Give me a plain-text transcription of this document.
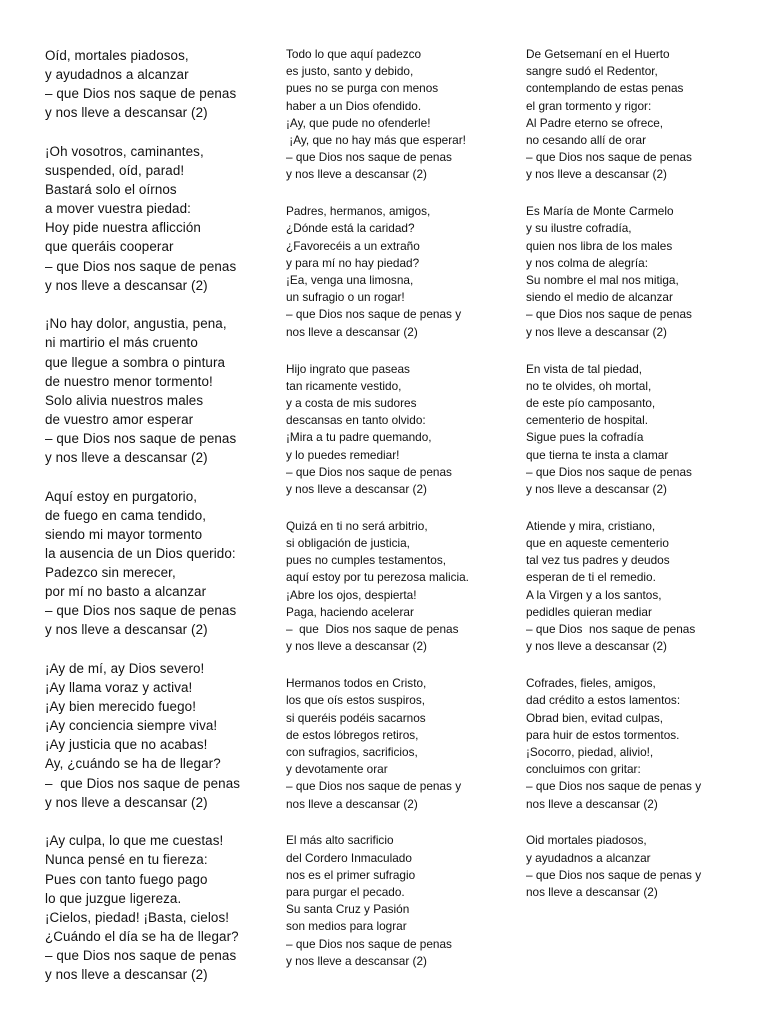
Oíd, mortales piadosos,
y ayudadnos a alcanzar
– que Dios nos saque de penas
y nos lleve a descansar (2)
¡Oh vosotros, caminantes,
suspended, oíd, parad!
Bastará solo el oírnos
a mover vuestra piedad:
Hoy pide nuestra aflicción
que queráis cooperar
– que Dios nos saque de penas
y nos lleve a descansar (2)
¡No hay dolor, angustia, pena,
ni martirio el más cruento
que llegue a sombra o pintura
de nuestro menor tormento!
Solo alivia nuestros males
de vuestro amor esperar
– que Dios nos saque de penas
y nos lleve a descansar (2)
Aquí estoy en purgatorio,
de fuego en cama tendido,
siendo mi mayor tormento
la ausencia de un Dios querido:
Padezco sin merecer,
por mí no basto a alcanzar
– que Dios nos saque de penas
y nos lleve a descansar (2)
¡Ay de mí, ay Dios severo!
¡Ay llama voraz y activa!
¡Ay bien merecido fuego!
¡Ay conciencia siempre viva!
¡Ay justicia que no acabas!
Ay, ¿cuándo se ha de llegar?
–  que Dios nos saque de penas
y nos lleve a descansar (2)
¡Ay culpa, lo que me cuestas!
Nunca pensé en tu fiereza:
Pues con tanto fuego pago
lo que juzgue ligereza.
¡Cielos, piedad! ¡Basta, cielos!
¿Cuándo el día se ha de llegar?
– que Dios nos saque de penas
y nos lleve a descansar (2)
Todo lo que aquí padezco
es justo, santo y debido,
pues no se purga con menos
haber a un Dios ofendido.
¡Ay, que pude no ofenderle!
¡Ay, que no hay más que esperar!
– que Dios nos saque de penas
y nos lleve a descansar (2)
Padres, hermanos, amigos,
¿Dónde está la caridad?
¿Favorecéis a un extraño
y para mí no hay piedad?
¡Ea, venga una limosna,
un sufragio o un rogar!
– que Dios nos saque de penas y
nos lleve a descansar (2)
Hijo ingrato que paseas
tan ricamente vestido,
y a costa de mis sudores
descansas en tanto olvido:
¡Mira a tu padre quemando,
y lo puedes remediar!
– que Dios nos saque de penas
y nos lleve a descansar (2)
Quizá en ti no será arbitrio,
si obligación de justicia,
pues no cumples testamentos,
aquí estoy por tu perezosa malicia.
¡Abre los ojos, despierta!
Paga, haciendo acelerar
–  que  Dios nos saque de penas
y nos lleve a descansar (2)
Hermanos todos en Cristo,
los que oís estos suspiros,
si queréis podéis sacarnos
de estos lóbregos retiros,
con sufragios, sacrificios,
y devotamente orar
– que Dios nos saque de penas y
nos lleve a descansar (2)
El más alto sacrificio
del Cordero Inmaculado
nos es el primer sufragio
para purgar el pecado.
Su santa Cruz y Pasión
son medios para lograr
– que Dios nos saque de penas
y nos lleve a descansar (2)
De Getsemaní en el Huerto
sangre sudó el Redentor,
contemplando de estas penas
el gran tormento y rigor:
Al Padre eterno se ofrece,
no cesando allí de orar
– que Dios nos saque de penas
y nos lleve a descansar (2)
Es María de Monte Carmelo
y su ilustre cofradía,
quien nos libra de los males
y nos colma de alegría:
Su nombre el mal nos mitiga,
siendo el medio de alcanzar
– que Dios nos saque de penas
y nos lleve a descansar (2)
En vista de tal piedad,
no te olvides, oh mortal,
de este pío camposanto,
cementerio de hospital.
Sigue pues la cofradía
que tierna te insta a clamar
– que Dios nos saque de penas
y nos lleve a descansar (2)
Atiende y mira, cristiano,
que en aqueste cementerio
tal vez tus padres y deudos
esperan de ti el remedio.
A la Virgen y a los santos,
pedidles quieran mediar
– que Dios  nos saque de penas
y nos lleve a descansar (2)
Cofrades, fieles, amigos,
dad crédito a estos lamentos:
Obrad bien, evitad culpas,
para huir de estos tormentos.
¡Socorro, piedad, alivio!,
concluimos con gritar:
– que Dios nos saque de penas y
nos lleve a descansar (2)
Oid mortales piadosos,
y ayudadnos a alcanzar
– que Dios nos saque de penas y
nos lleve a descansar (2)
